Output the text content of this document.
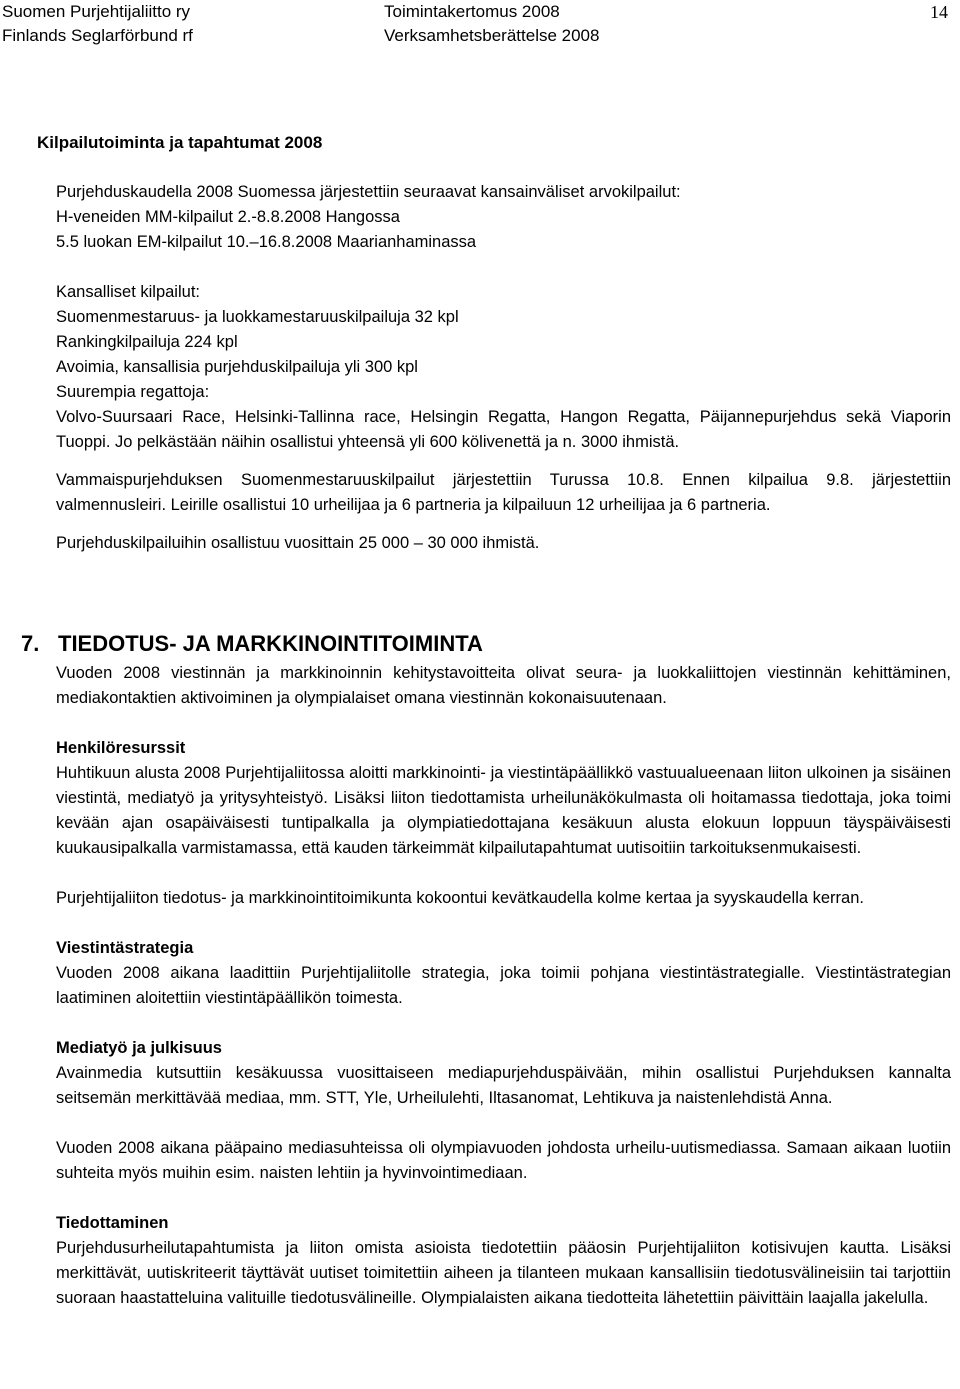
Suomen Purjehtijaliitto ry
Finlands Seglarförbund rf
Toimintakertomus 2008
Verksamhetsberättelse 2008
14
Kilpailutoiminta ja tapahtumat 2008

Purjehduskaudella 2008 Suomessa järjestettiin seuraavat kansainväliset arvokilpailut:

H-veneiden MM-kilpailut 2.-8.8.2008 Hangossa

5.5 luokan EM-kilpailut 10.–16.8.2008 Maarianhaminassa

Kansalliset kilpailut:

Suomenmestaruus- ja luokkamestaruuskilpailuja 32 kpl

Rankingkilpailuja 224 kpl

Avoimia, kansallisia purjehduskilpailuja yli 300 kpl

Suurempia regattoja:

Volvo-Suursaari Race, Helsinki-Tallinna race, Helsingin Regatta, Hangon Regatta, Päijannepurjehdus sekä Viaporin Tuoppi. Jo pelkästään näihin osallistui yhteensä yli 600 kölivenettä ja n. 3000 ihmistä.

Vammaispurjehduksen Suomenmestaruuskilpailut järjestettiin Turussa 10.8. Ennen kilpailua 9.8. järjestettiin valmennusleiri. Leirille osallistui 10 urheilijaa ja 6 partneria ja kilpailuun 12 urheilijaa ja 6 partneria.

Purjehduskilpailuihin osallistuu vuosittain 25 000 – 30 000 ihmistä.

Vuoden 2008 viestinnän ja markkinoinnin kehitystavoitteita olivat seura- ja luokkaliittojen viestinnän kehittäminen, mediakontaktien aktivoiminen ja olympialaiset omana viestinnän kokonaisuutenaan.

Henkilöresurssit

Huhtikuun alusta 2008 Purjehtijaliitossa aloitti markkinointi- ja viestintäpäällikkö vastuualueenaan liiton ulkoinen ja sisäinen viestintä, mediatyö ja yritysyhteistyö. Lisäksi liiton tiedottamista urheilunäkökulmasta oli hoitamassa tiedottaja, joka toimi kevään ajan osapäiväisesti tuntipalkalla ja olympiatiedottajana kesäkuun alusta elokuun loppuun täyspäiväisesti kuukausipalkalla varmistamassa, että kauden tärkeimmät kilpailutapahtumat uutisoitiin tarkoituksenmukaisesti.

Purjehtijaliiton tiedotus- ja markkinointitoimikunta kokoontui kevätkaudella kolme kertaa ja syyskaudella kerran.

Viestintästrategia

Vuoden 2008 aikana laadittiin Purjehtijaliitolle strategia, joka toimii pohjana viestintästrategialle. Viestintästrategian laatiminen aloitettiin viestintäpäällikön toimesta.

Mediatyö ja julkisuus

Avainmedia kutsuttiin kesäkuussa vuosittaiseen mediapurjehduspäivään, mihin osallistui Purjehduksen kannalta seitsemän merkittävää mediaa, mm. STT, Yle, Urheilulehti, Iltasanomat, Lehtikuva ja naistenlehdistä Anna.

Vuoden 2008 aikana pääpaino mediasuhteissa oli olympiavuoden johdosta urheilu-uutismediassa. Samaan aikaan luotiin suhteita myös muihin esim. naisten lehtiin ja hyvinvointimediaan.

Tiedottaminen

Purjehdusurheilutapahtumista ja liiton omista asioista tiedotettiin pääosin Purjehtijaliiton kotisivujen kautta. Lisäksi merkittävät, uutiskriteerit täyttävät uutiset toimitettiin aiheen ja tilanteen mukaan kansallisiin tiedotusvälineisiin tai tarjottiin suoraan haastatteluina valituille tiedotusvälineille. Olympialaisten aikana tiedotteita lähetettiin päivittäin laajalla jakelulla.

7. TIEDOTUS- JA MARKKINOINTITOIMINTA
